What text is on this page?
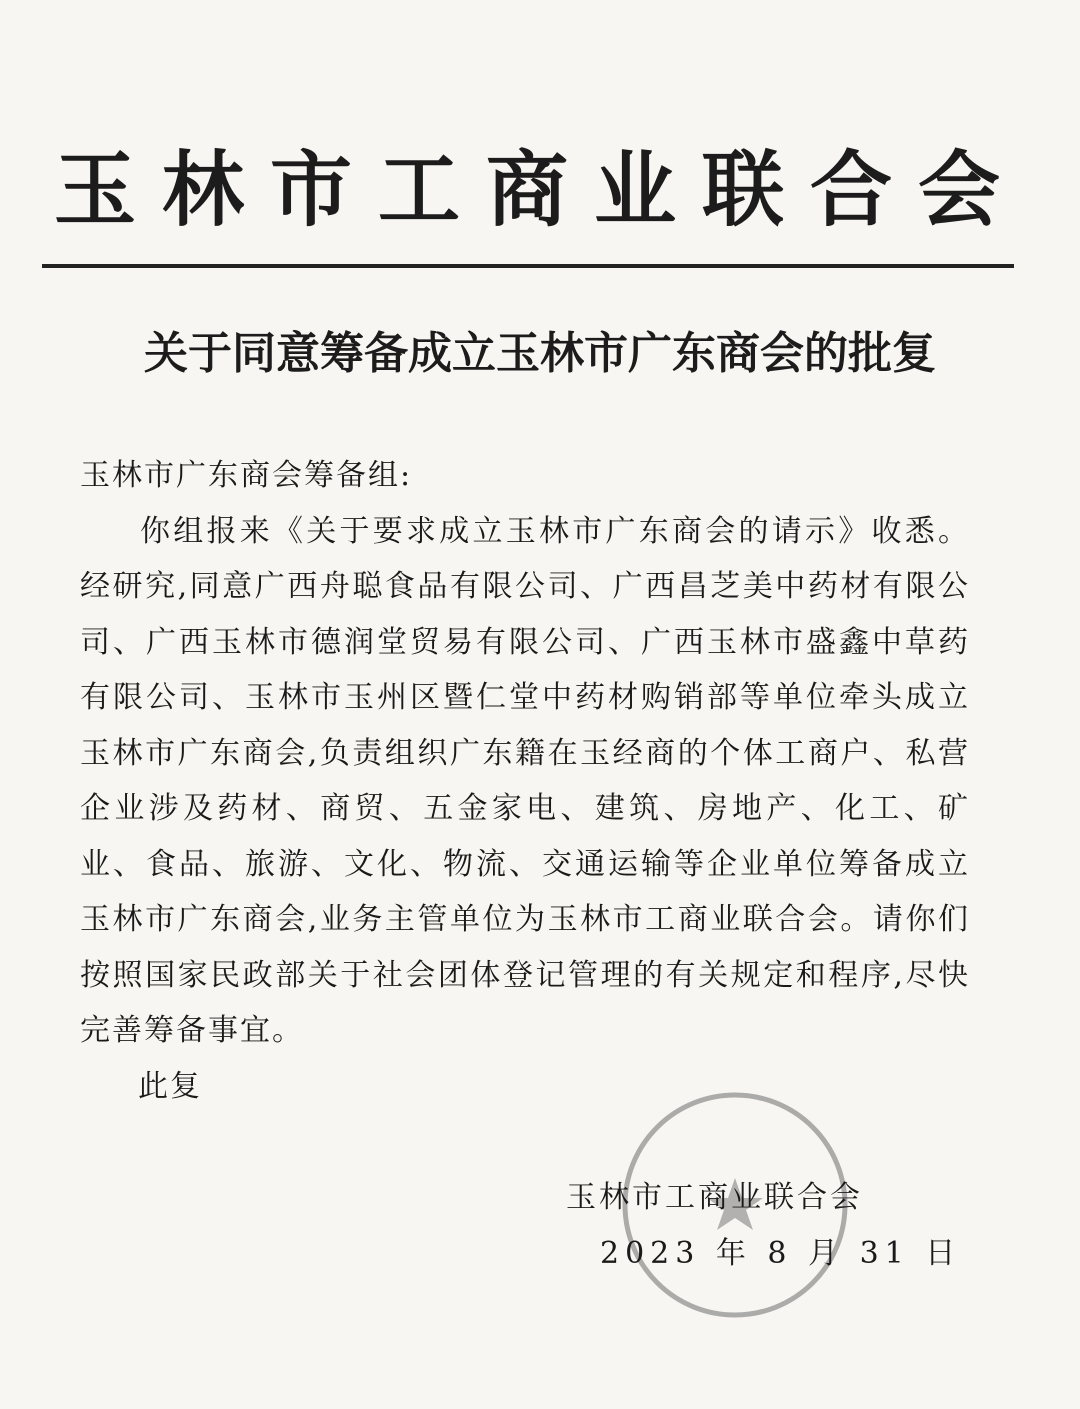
玉林市工商业联合会
关于同意筹备成立玉林市广东商会的批复

玉林市广东商会筹备组:

你组报来《关于要求成立玉林市广东商会的请示》收悉。经研究,同意广西舟聪食品有限公司、广西昌芝美中药材有限公司、广西玉林市德润堂贸易有限公司、广西玉林市盛鑫中草药有限公司、玉林市玉州区暨仁堂中药材购销部等单位牵头成立玉林市广东商会,负责组织广东籍在玉经商的个体工商户、私营企业涉及药材、商贸、五金家电、建筑、房地产、化工、矿业、食品、旅游、文化、物流、交通运输等企业单位筹备成立玉林市广东商会,业务主管单位为玉林市工商业联合会。请你们按照国家民政部关于社会团体登记管理的有关规定和程序,尽快完善筹备事宜。

此复

玉林市工商业联合会
2023 年 8 月 31 日
